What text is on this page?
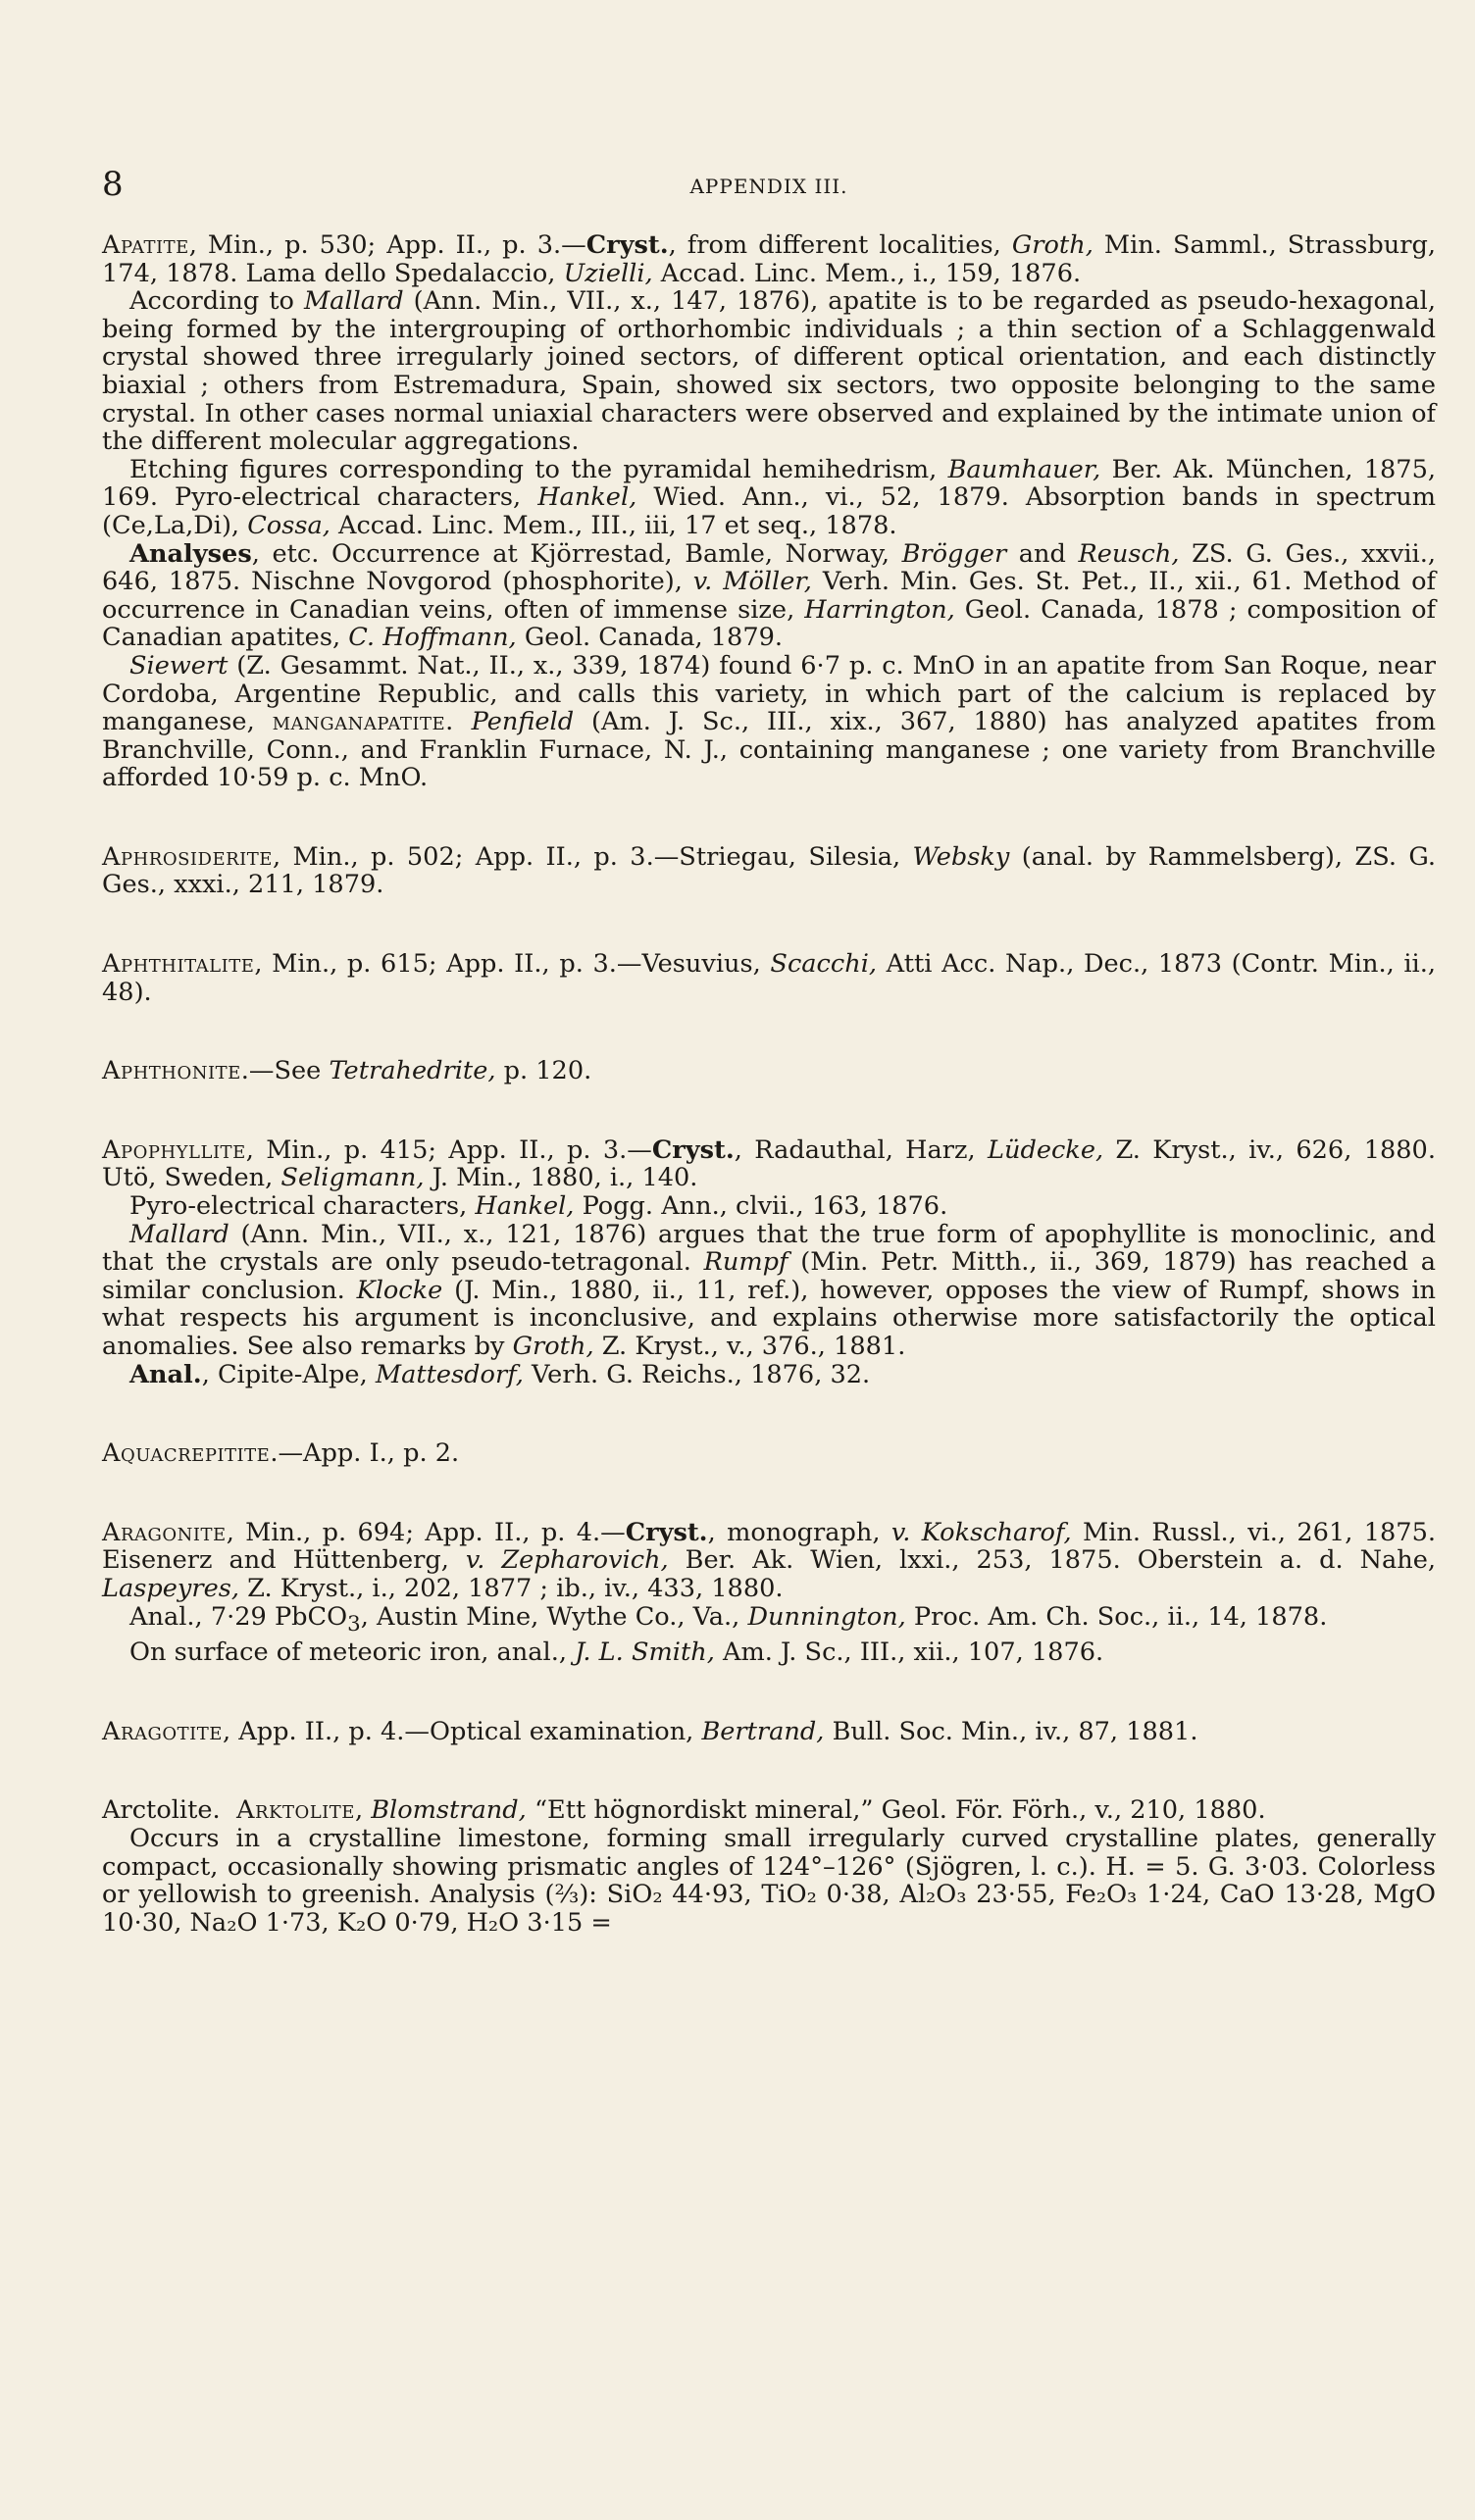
8	APPENDIX III.

Apatite, Min., p. 530; App. II., p. 3.—Cryst., from different localities, Groth, Min. Samml., Strassburg, 174, 1878. Lama dello Spedalaccio, Uzielli, Accad. Linc. Mem., i., 159, 1876.

According to Mallard (Ann. Min., VII., x., 147, 1876), apatite is to be regarded as pseudo-hexagonal, being formed by the intergrouping of orthorhombic individuals ; a thin section of a Schlaggenwald crystal showed three irregularly joined sectors, of different optical orientation, and each distinctly biaxial ; others from Estremadura, Spain, showed six sectors, two opposite belonging to the same crystal. In other cases normal uniaxial characters were observed and explained by the intimate union of the different molecular aggregations.

Etching figures corresponding to the pyramidal hemihedrism, Baumhauer, Ber. Ak. München, 1875, 169. Pyro-electrical characters, Hankel, Wied. Ann., vi., 52, 1879. Absorption bands in spectrum (Ce,La,Di), Cossa, Accad. Linc. Mem., III., iii, 17 et seq., 1878.

Analyses, etc. Occurrence at Kjörrestad, Bamle, Norway, Brögger and Reusch, ZS. G. Ges., xxvii., 646, 1875. Nischne Novgorod (phosphorite), v. Möller, Verh. Min. Ges. St. Pet., II., xii., 61. Method of occurrence in Canadian veins, often of immense size, Harrington, Geol. Canada, 1878 ; composition of Canadian apatites, C. Hoffmann, Geol. Canada, 1879.

Siewert (Z. Gesammt. Nat., II., x., 339, 1874) found 6·7 p. c. MnO in an apatite from San Roque, near Cordoba, Argentine Republic, and calls this variety, in which part of the calcium is replaced by manganese, manganapatite. Penfield (Am. J. Sc., III., xix., 367, 1880) has analyzed apatites from Branchville, Conn., and Franklin Furnace, N. J., containing manganese ; one variety from Branchville afforded 10·59 p. c. MnO.

Aphrosiderite, Min., p. 502; App. II., p. 3.—Striegau, Silesia, Websky (anal. by Rammelsberg), ZS. G. Ges., xxxi., 211, 1879.

Aphthitalite, Min., p. 615; App. II., p. 3.—Vesuvius, Scacchi, Atti Acc. Nap., Dec., 1873 (Contr. Min., ii., 48).

Aphthonite.—See Tetrahedrite, p. 120.

Apophyllite, Min., p. 415; App. II., p. 3.—Cryst., Radauthal, Harz, Lüdecke, Z. Kryst., iv., 626, 1880. Utö, Sweden, Seligmann, J. Min., 1880, i., 140.

Pyro-electrical characters, Hankel, Pogg. Ann., clvii., 163, 1876.

Mallard (Ann. Min., VII., x., 121, 1876) argues that the true form of apophyllite is monoclinic, and that the crystals are only pseudo-tetragonal. Rumpf (Min. Petr. Mitth., ii., 369, 1879) has reached a similar conclusion. Klocke (J. Min., 1880, ii., 11, ref.), however, opposes the view of Rumpf, shows in what respects his argument is inconclusive, and explains otherwise more satisfactorily the optical anomalies. See also remarks by Groth, Z. Kryst., v., 376., 1881.

Anal., Cipite-Alpe, Mattesdorf, Verh. G. Reichs., 1876, 32.

Aquacrepitite.—App. I., p. 2.

Aragonite, Min., p. 694; App. II., p. 4.—Cryst., monograph, v. Kokscharof, Min. Russl., vi., 261, 1875. Eisenerz and Hüttenberg, v. Zepharovich, Ber. Ak. Wien, lxxi., 253, 1875. Oberstein a. d. Nahe, Laspeyres, Z. Kryst., i., 202, 1877 ; ib., iv., 433, 1880.

Anal., 7·29 PbCO$_3$, Austin Mine, Wythe Co., Va., Dunnington, Proc. Am. Ch. Soc., ii., 14, 1878.

On surface of meteoric iron, anal., J. L. Smith, Am. J. Sc., III., xii., 107, 1876.

Aragotite, App. II., p. 4.—Optical examination, Bertrand, Bull. Soc. Min., iv., 87, 1881.

Arctolite. Arktolite, Blomstrand, “Ett högnordiskt mineral,” Geol. För. Förh., v., 210, 1880.

Occurs in a crystalline limestone, forming small irregularly curved crystalline plates, generally compact, occasionally showing prismatic angles of 124°–126° (Sjögren, l. c.). H. = 5. G. 3·03. Colorless or yellowish to greenish. Analysis (⅔): SiO₂ 44·93, TiO₂ 0·38, Al₂O₃ 23·55, Fe₂O₃ 1·24, CaO 13·28, MgO 10·30, Na₂O 1·73, K₂O 0·79, H₂O 3·15 =
